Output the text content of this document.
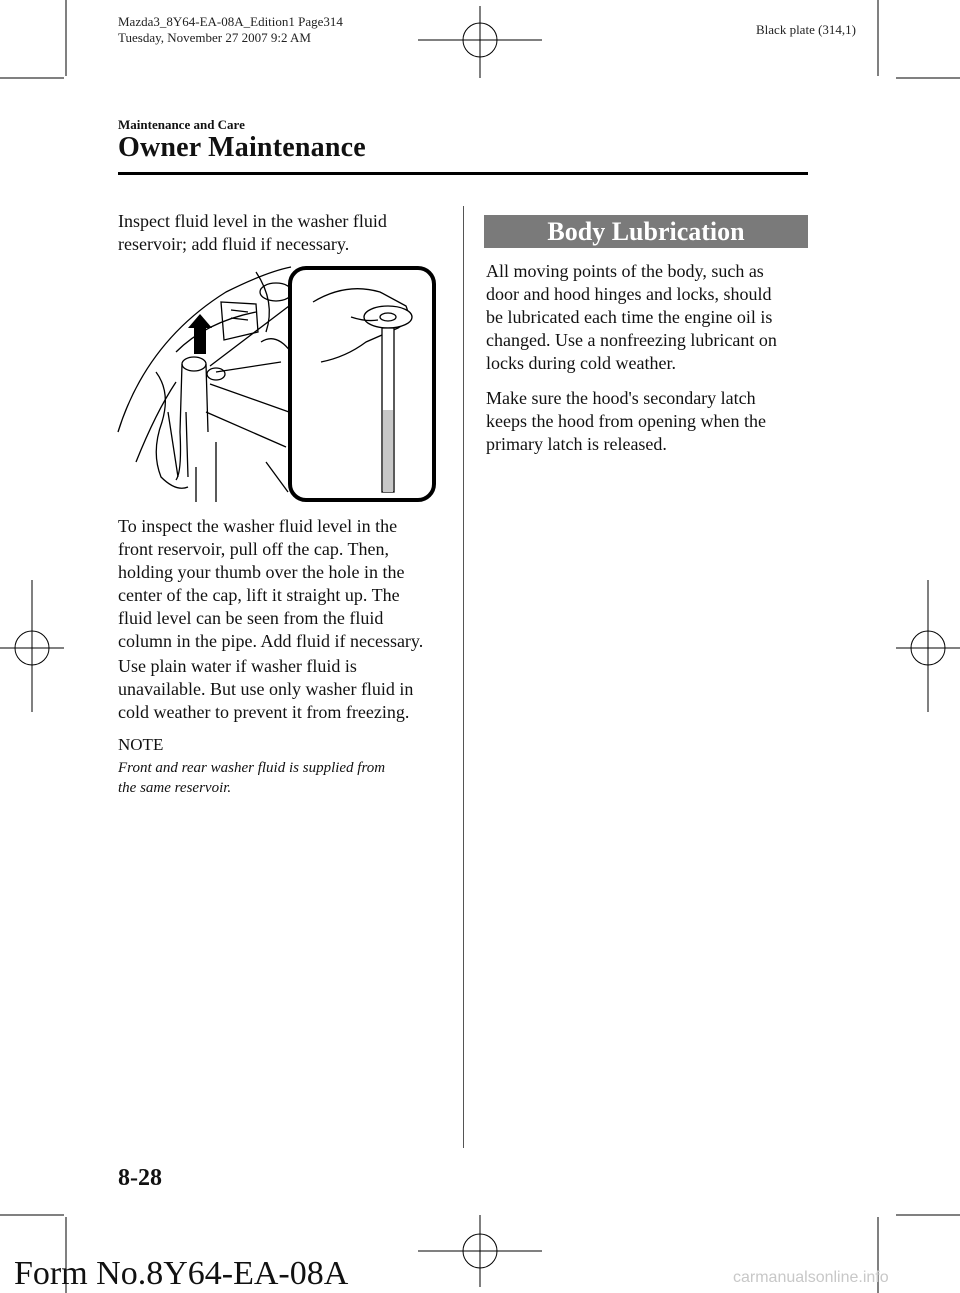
Mazda3_8Y64-EA-08A_Edition1 Page314
Tuesday, November 27 2007 9:2 AM
Black plate (314,1)
Maintenance and Care
Owner Maintenance
Inspect fluid level in the washer fluid
reservoir; add fluid if necessary.
To inspect the washer fluid level in the
front reservoir, pull off the cap. Then,
holding your thumb over the hole in the
center of the cap, lift it straight up. The
fluid level can be seen from the fluid
column in the pipe. Add fluid if necessary.
Use plain water if washer fluid is
unavailable. But use only washer fluid in
cold weather to prevent it from freezing.
NOTE
Front and rear washer fluid is supplied from
the same reservoir.
Body Lubrication
All moving points of the body, such as
door and hood hinges and locks, should
be lubricated each time the engine oil is
changed. Use a nonfreezing lubricant on
locks during cold weather.
Make sure the hood's secondary latch
keeps the hood from opening when the
primary latch is released.
8-28
Form No.8Y64-EA-08A	carmanualsonline.info
